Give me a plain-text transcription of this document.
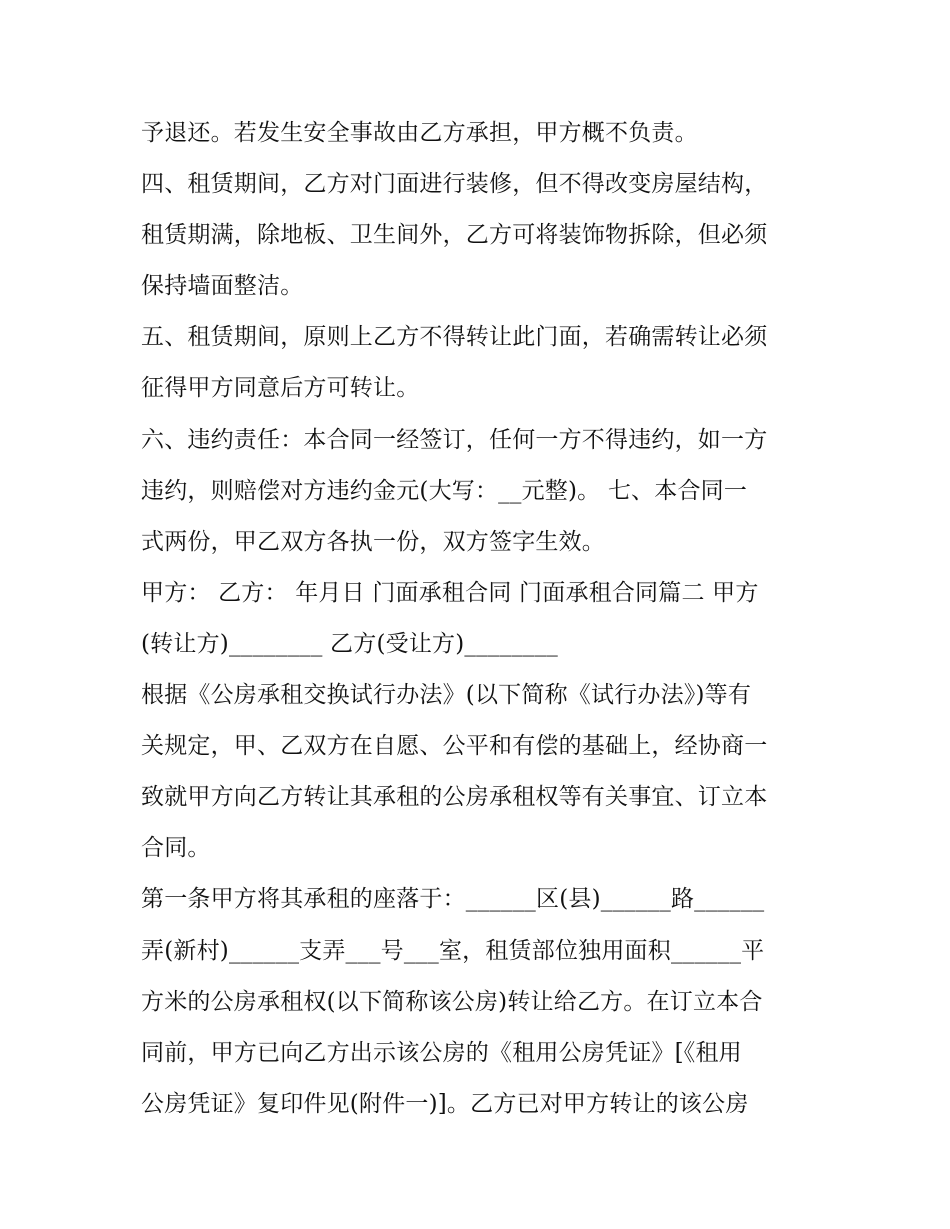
予退还。若发生安全事故由乙方承担，甲方概不负责。
四、租赁期间，乙方对门面进行装修，但不得改变房屋结构，
租赁期满，除地板、卫生间外，乙方可将装饰物拆除，但必须
保持墙面整洁。
五、租赁期间，原则上乙方不得转让此门面，若确需转让必须
征得甲方同意后方可转让。
六、违约责任：本合同一经签订，任何一方不得违约，如一方
违约，则赔偿对方违约金元(大写：__元整)。 七、本合同一
式两份，甲乙双方各执一份，双方签字生效。
甲方： 乙方： 年月日 门面承租合同 门面承租合同篇二 甲方
(转让方)________ 乙方(受让方)________
根据《公房承租交换试行办法》(以下简称《试行办法》)等有
关规定，甲、乙双方在自愿、公平和有偿的基础上，经协商一
致就甲方向乙方转让其承租的公房承租权等有关事宜、订立本
合同。
第一条甲方将其承租的座落于：______区(县)______路______
弄(新村)______支弄___号___室，租赁部位独用面积______平
方米的公房承租权(以下简称该公房)转让给乙方。在订立本合
同前，甲方已向乙方出示该公房的《租用公房凭证》[《租用
公房凭证》复印件见(附件一)]。乙方已对甲方转让的该公房
